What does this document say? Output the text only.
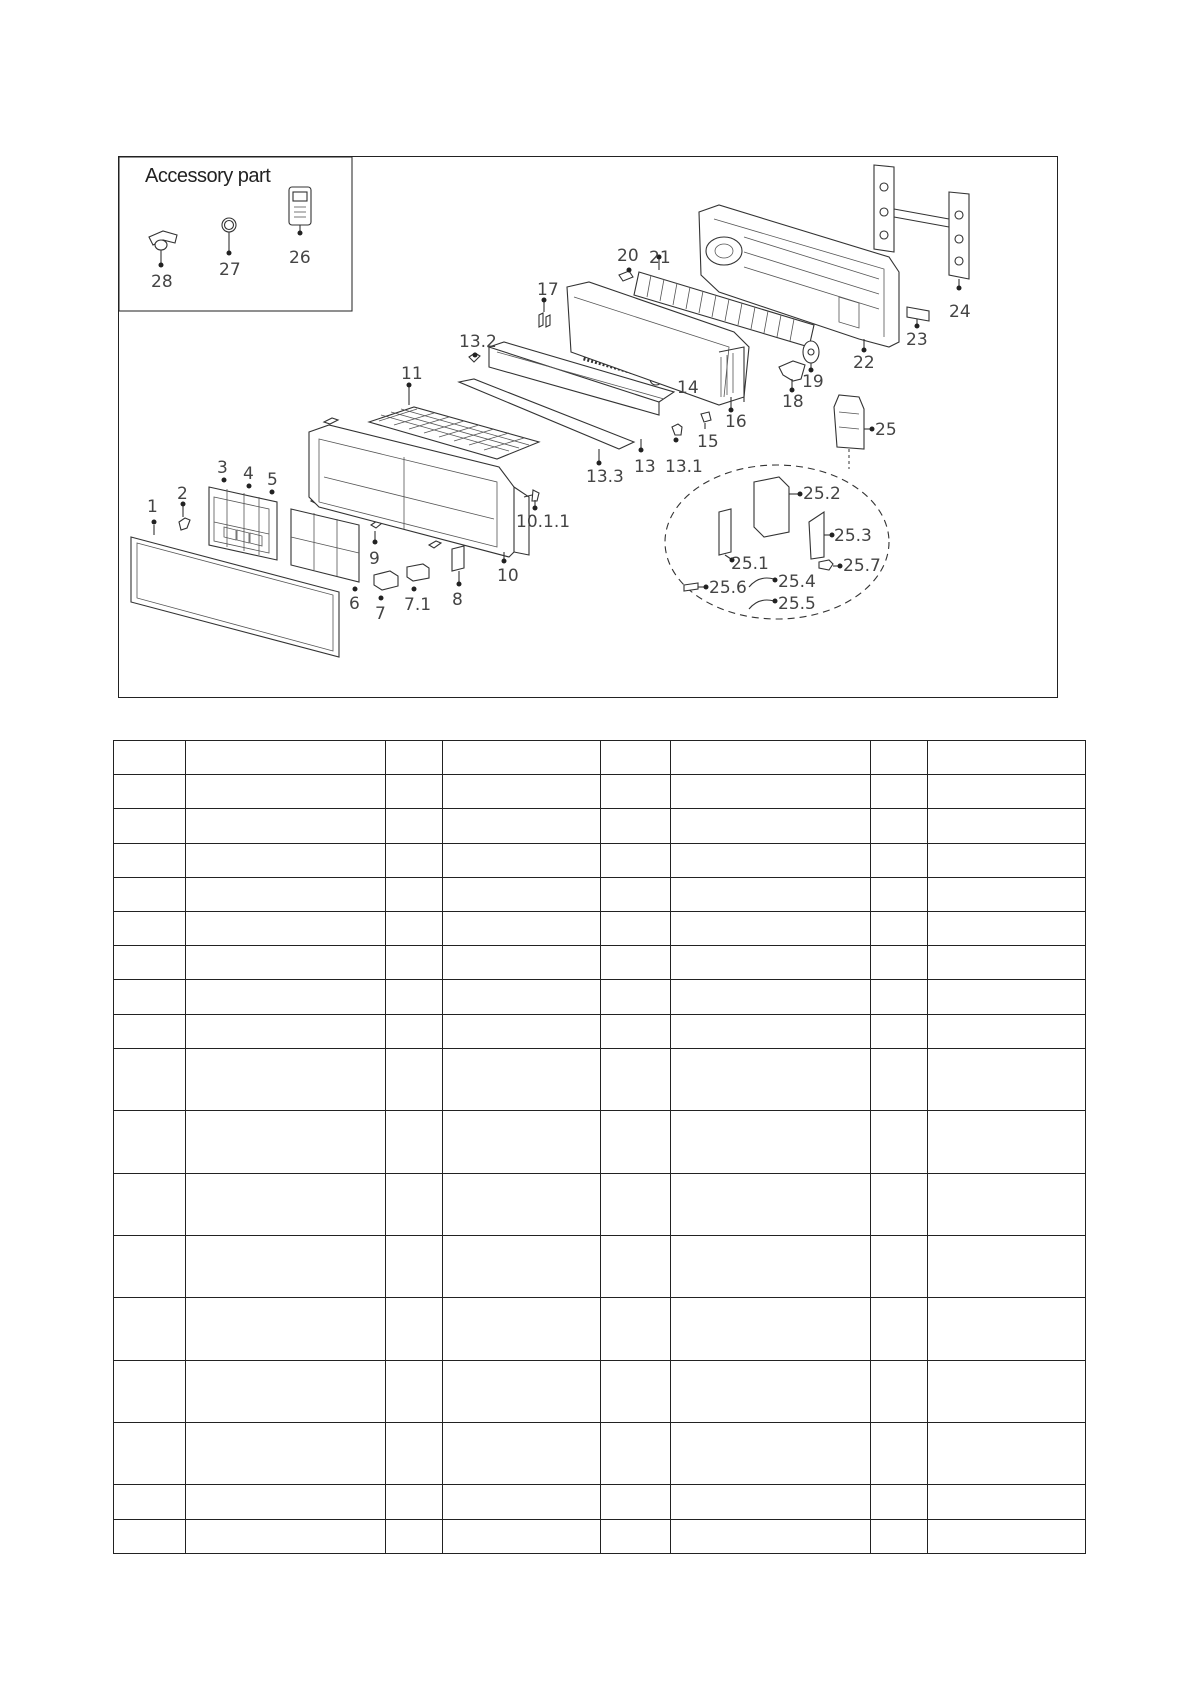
1
2
3 4 5
6 7 7.1 8
9
10
10.1.1
11
13 13.1
13.2
13.3
14
15
16
17
18
19
20 21
22
23
24
25
25.1
25.2
25.3
25.4
25.5
25.6
25.7
26
27
28
Accessory part
